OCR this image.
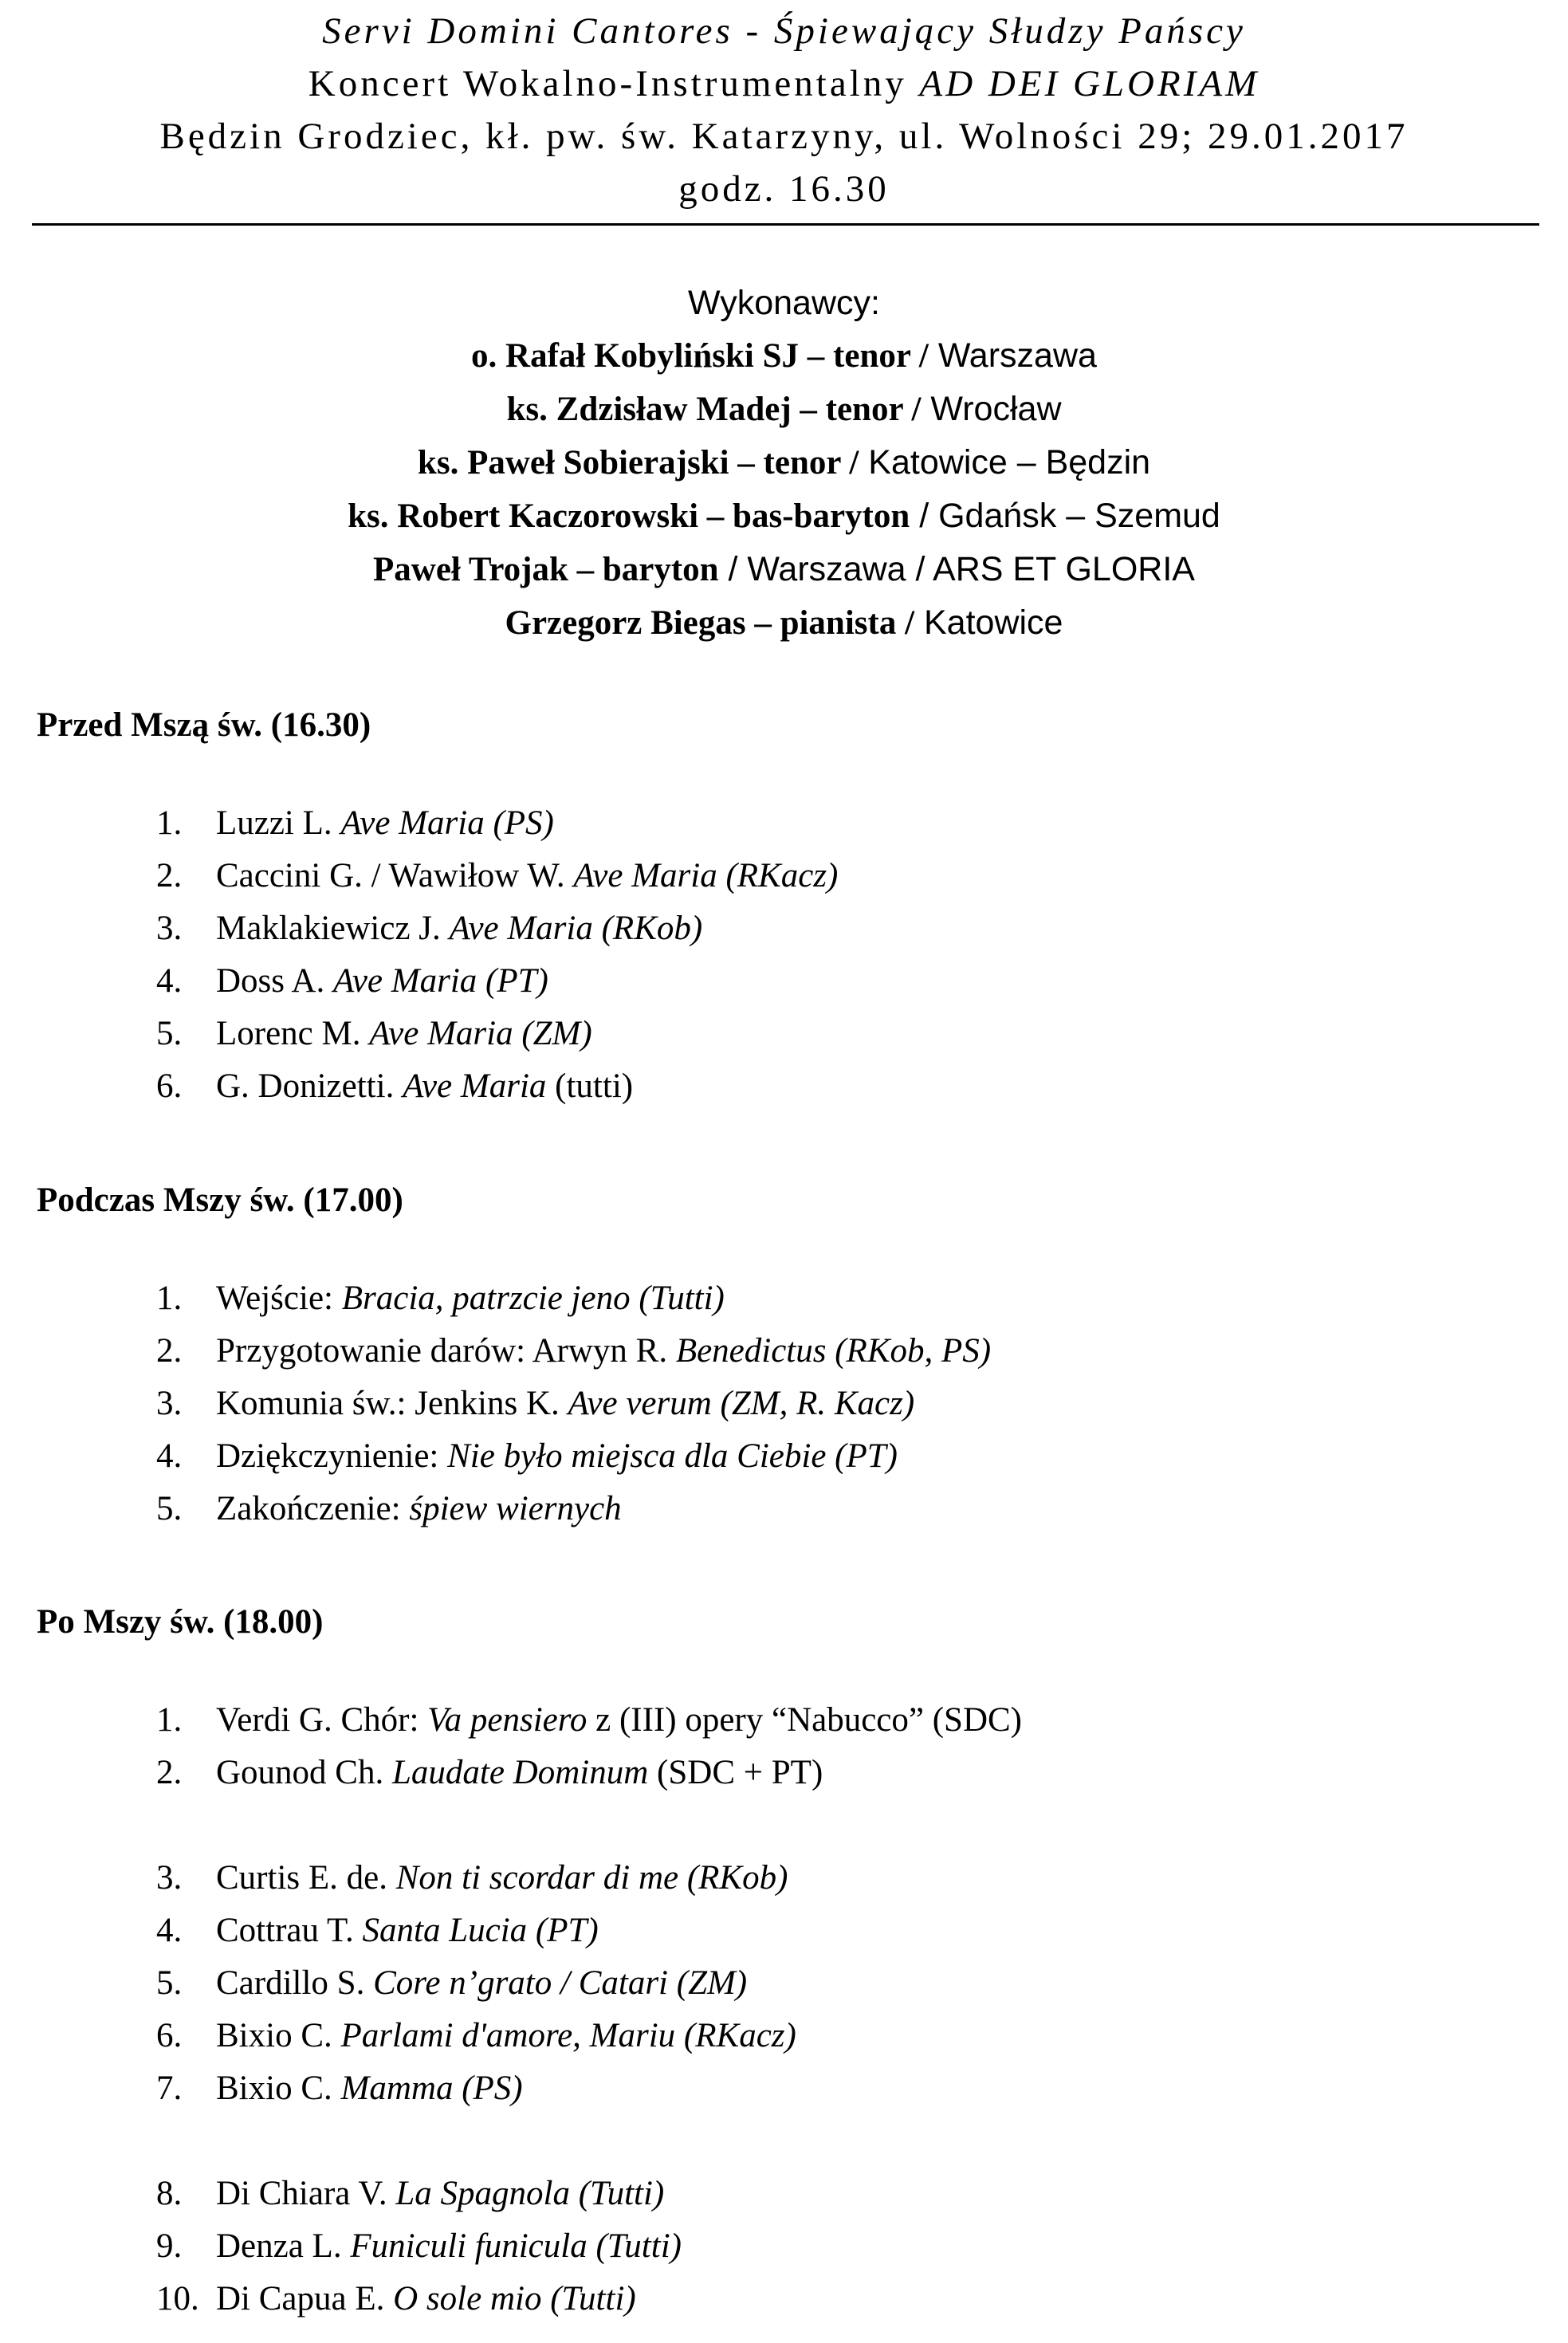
Servi Domini Cantores - Śpiewający Słudzy Pańscy
Koncert Wokalno-Instrumentalny AD DEI GLORIAM
Będzin Grodziec, kł. pw. św. Katarzyny, ul. Wolności 29; 29.01.2017
godz. 16.30
Wykonawcy:
o. Rafał Kobyliński SJ – tenor / Warszawa
ks. Zdzisław Madej – tenor / Wrocław
ks. Paweł Sobierajski – tenor / Katowice – Będzin
ks. Robert Kaczorowski – bas-baryton / Gdańsk – Szemud
Paweł Trojak – baryton / Warszawa / ARS ET GLORIA
Grzegorz Biegas – pianista / Katowice
Przed Mszą św. (16.30)
1. Luzzi L. Ave Maria (PS)
2. Caccini G. / Wawiłow W. Ave Maria (RKacz)
3. Maklakiewicz J. Ave Maria (RKob)
4. Doss A. Ave Maria (PT)
5. Lorenc M. Ave Maria (ZM)
6. G. Donizetti. Ave Maria (tutti)
Podczas Mszy św. (17.00)
1. Wejście: Bracia, patrzcie jeno (Tutti)
2. Przygotowanie darów: Arwyn R. Benedictus (RKob, PS)
3. Komunia św.: Jenkins K. Ave verum (ZM, R. Kacz)
4. Dziękczynienie: Nie było miejsca dla Ciebie (PT)
5. Zakończenie: śpiew wiernych
Po Mszy św. (18.00)
1. Verdi G. Chór: Va pensiero z (III) opery “Nabucco” (SDC)
2. Gounod Ch. Laudate Dominum (SDC + PT)
3. Curtis E. de. Non ti scordar di me (RKob)
4. Cottrau T. Santa Lucia (PT)
5. Cardillo S. Core n’grato / Catari (ZM)
6. Bixio C. Parlami d'amore, Mariu (RKacz)
7. Bixio C. Mamma (PS)
8. Di Chiara V. La Spagnola (Tutti)
9. Denza L. Funiculi funicula (Tutti)
10. Di Capua E. O sole mio (Tutti)
